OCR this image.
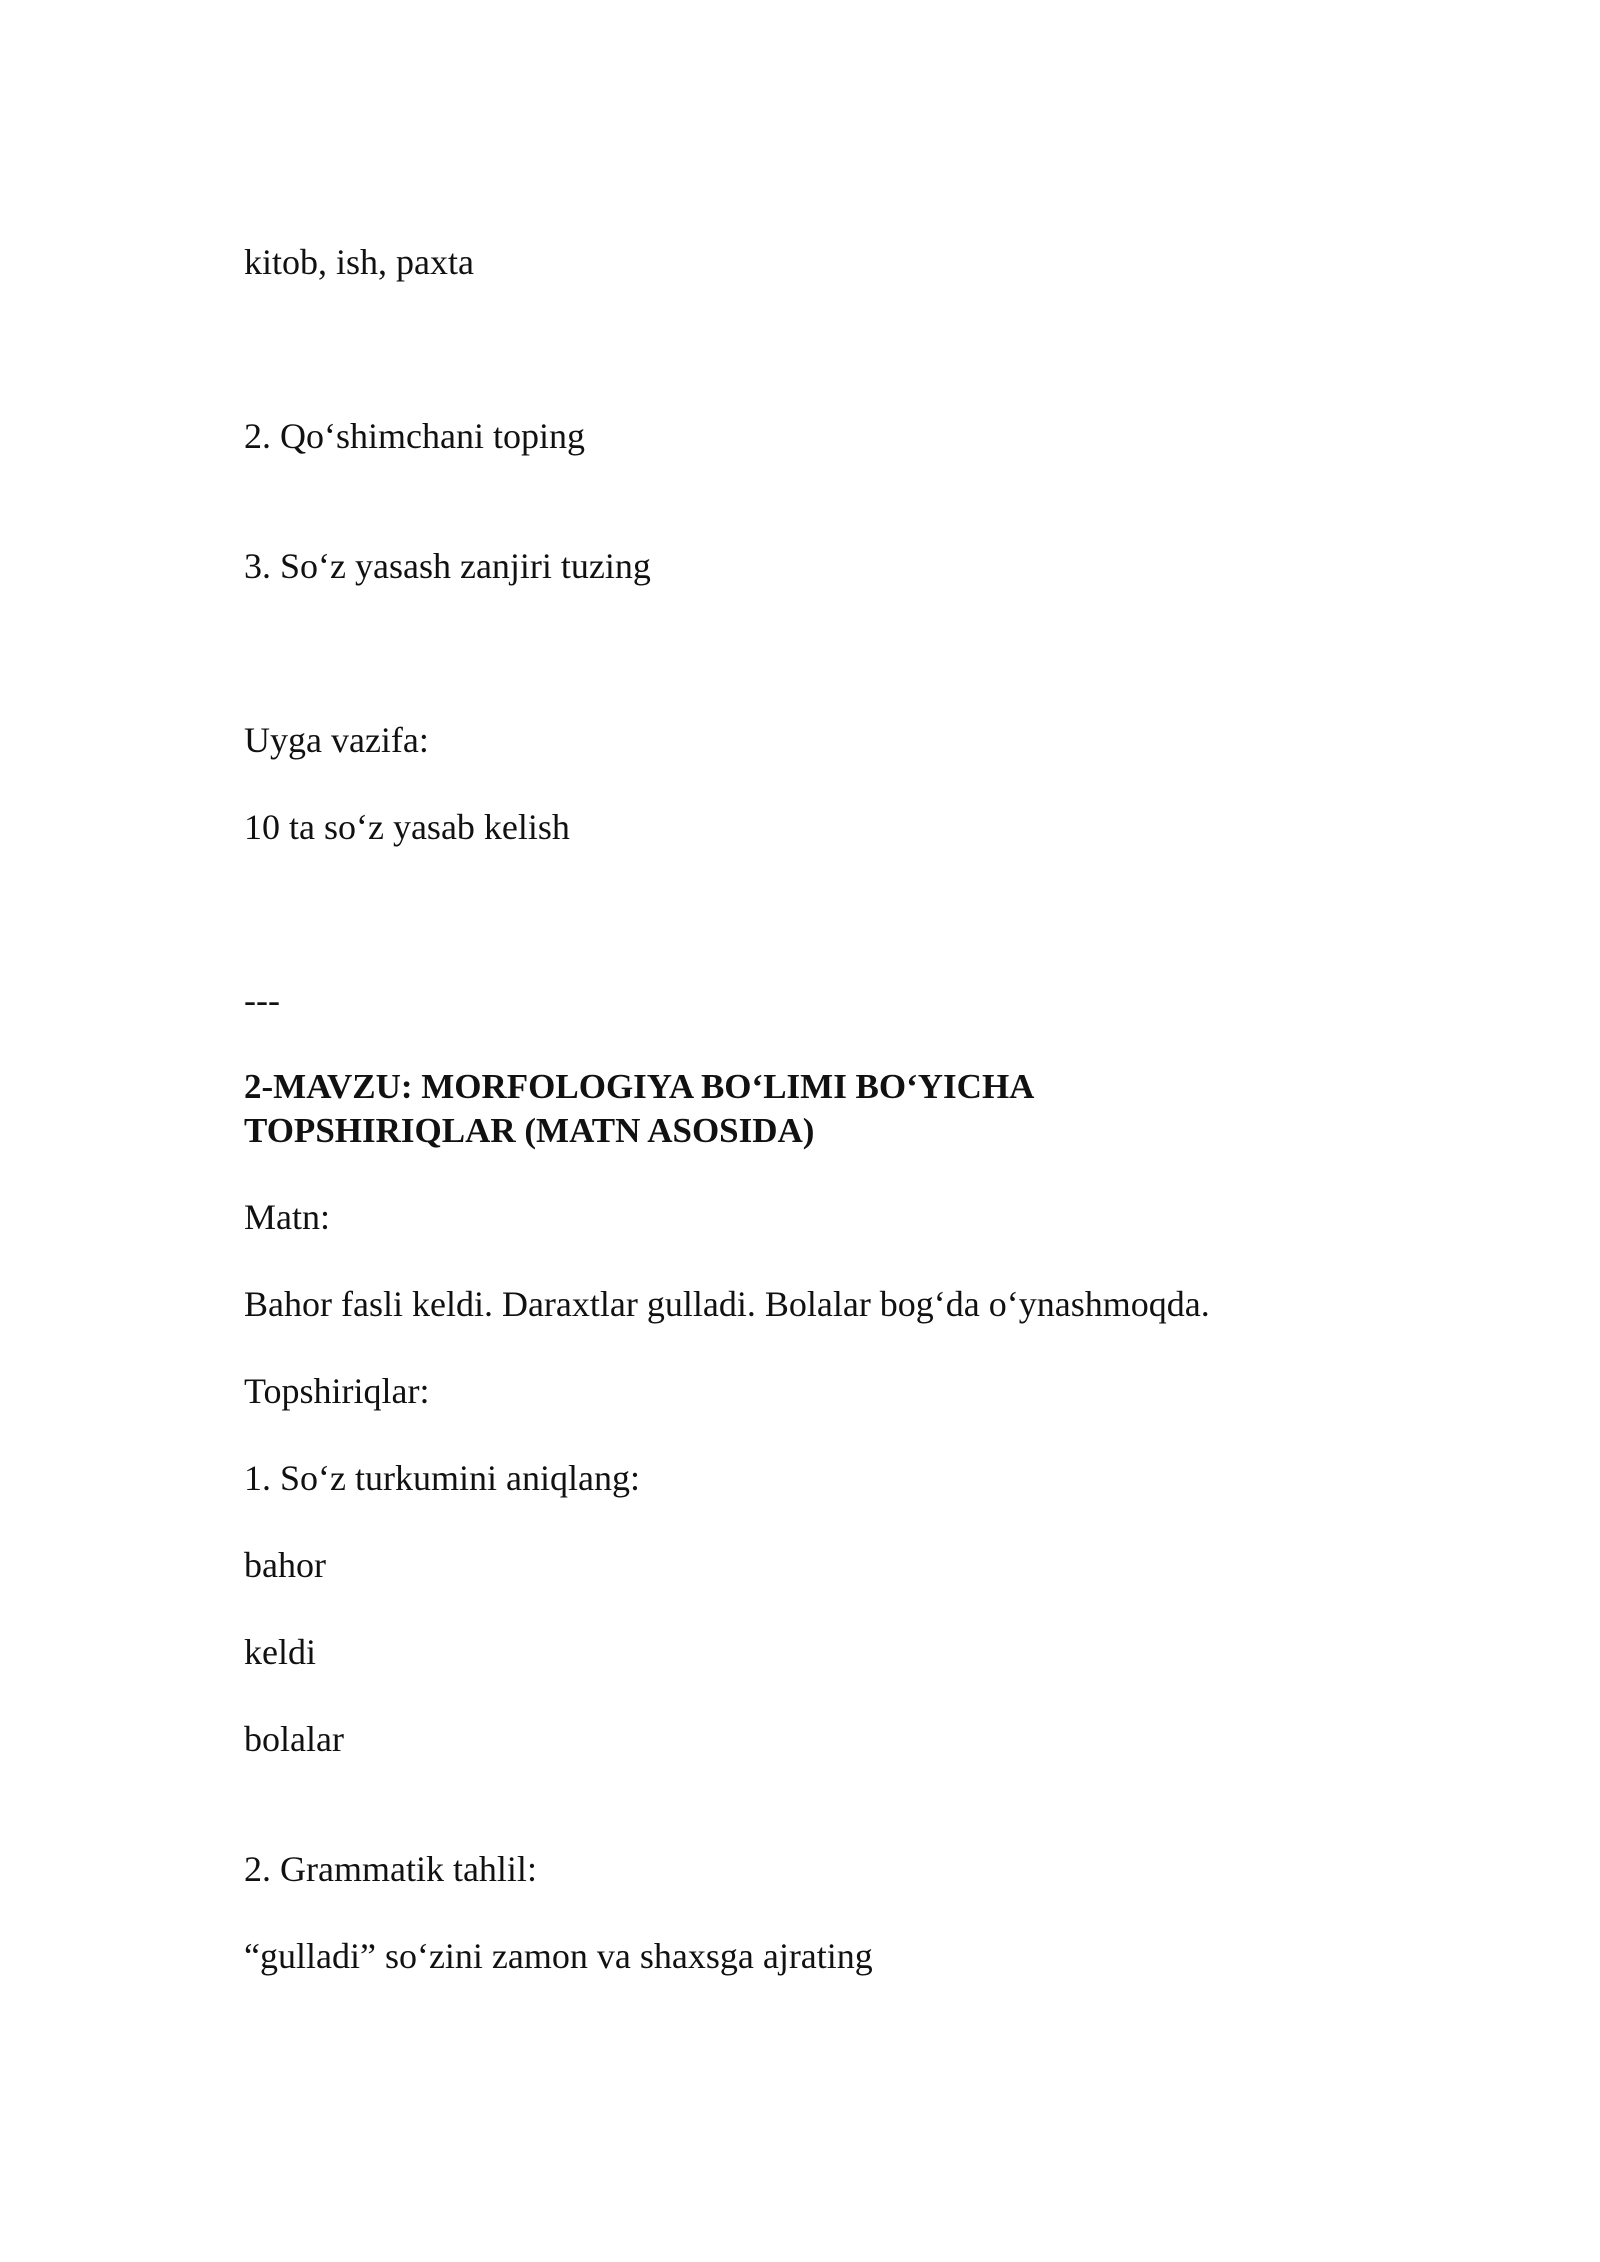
kitob, ish, paxta

2. Qo‘shimchani toping

3. So‘z yasash zanjiri tuzing

Uyga vazifa:

10 ta so‘z yasab kelish

---

2-MAVZU: MORFOLOGIYA BO‘LIMI BO‘YICHA
TOPSHIRIQLAR (MATN ASOSIDA)

Matn:

Bahor fasli keldi. Daraxtlar gulladi. Bolalar bog‘da o‘ynashmoqda.

Topshiriqlar:

1. So‘z turkumini aniqlang:

bahor

keldi

bolalar

2. Grammatik tahlil:

“gulladi” so‘zini zamon va shaxsga ajrating
